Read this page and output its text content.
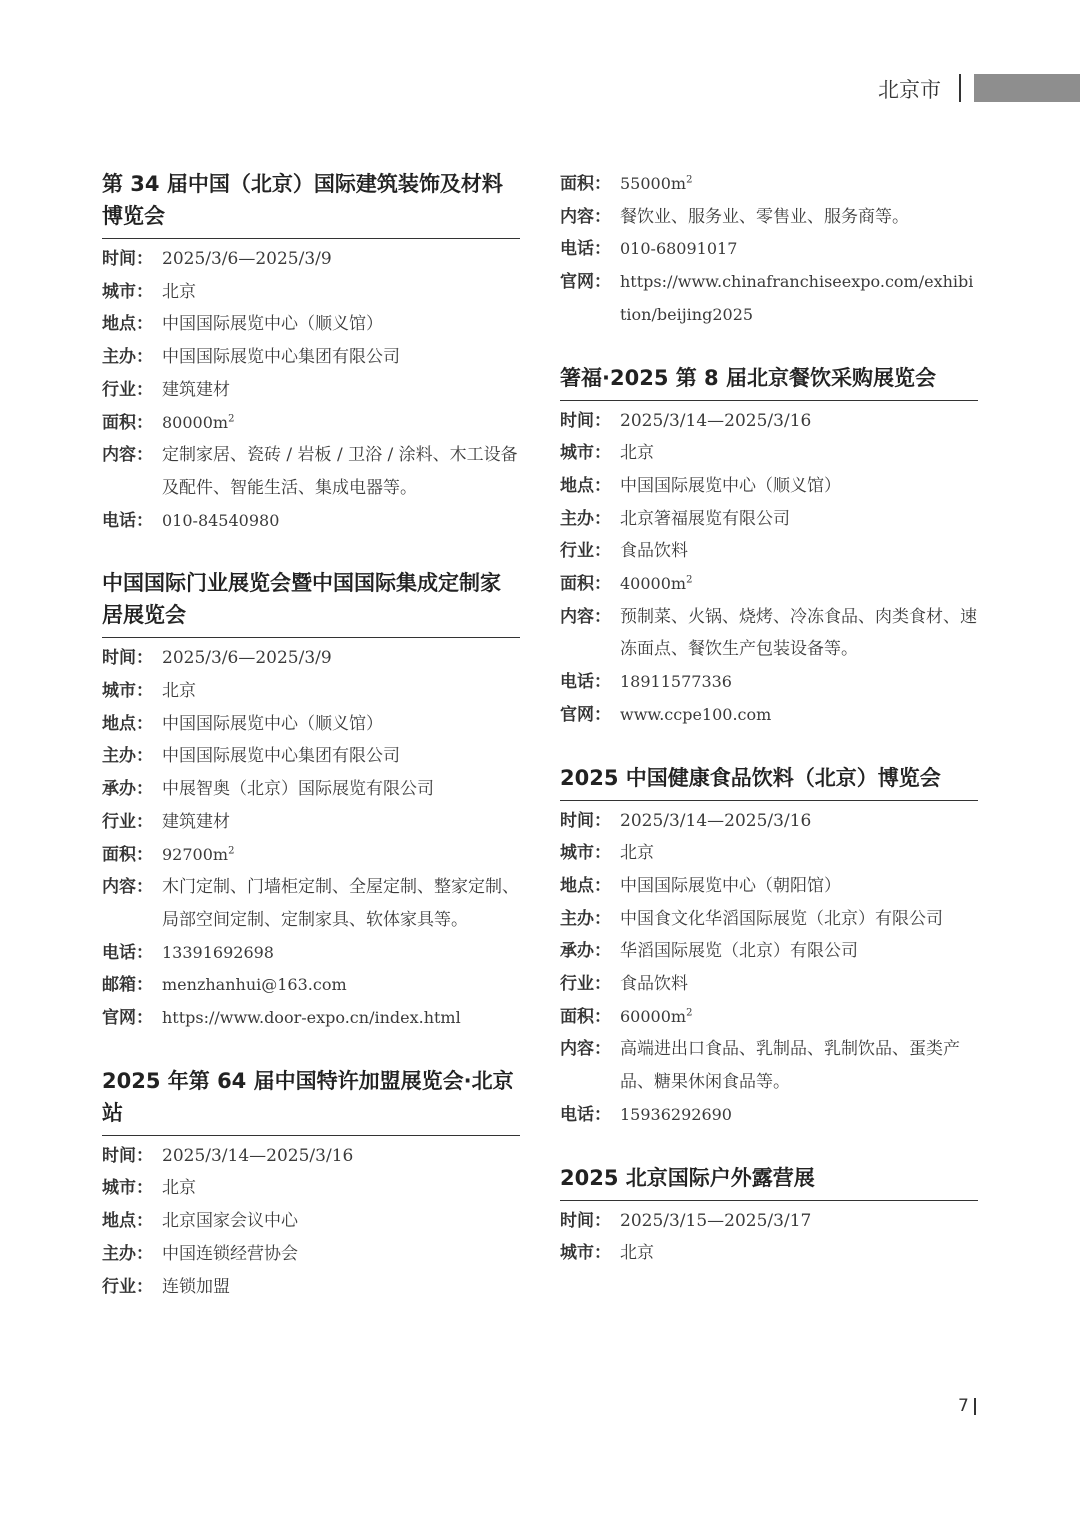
北京市
第 34 届中国（北京）国际建筑装饰及材料博览会
时间： 2025/3/6—2025/3/9
城市： 北京
地点： 中国国际展览中心（顺义馆）
主办： 中国国际展览中心集团有限公司
行业： 建筑建材
面积： $80000m^2$
内容： 定制家居、瓷砖 / 岩板 / 卫浴 / 涂料、木工设备及配件、智能生活、集成电器等。
电话： 010-84540980
中国国际门业展览会暨中国国际集成定制家居展览会
时间： 2025/3/6—2025/3/9
城市： 北京
地点： 中国国际展览中心（顺义馆）
主办： 中国国际展览中心集团有限公司
承办： 中展智奥（北京）国际展览有限公司
行业： 建筑建材
面积： $92700m^2$
内容： 木门定制、门墙柜定制、全屋定制、整家定制、局部空间定制、定制家具、软体家具等。
电话： 13391692698
邮箱： menzhanhui@163.com
官网： https://www.door-expo.cn/index.html
2025 年第 64 届中国特许加盟展览会·北京站
时间： 2025/3/14—2025/3/16
城市： 北京
地点： 北京国家会议中心
主办： 中国连锁经营协会
行业： 连锁加盟
面积： $55000m^2$
内容： 餐饮业、服务业、零售业、服务商等。
电话： 010-68091017
官网： https://www.chinafranchiseexpo.com/exhibition/beijing2025
箸福·2025 第 8 届北京餐饮采购展览会
时间： 2025/3/14—2025/3/16
城市： 北京
地点： 中国国际展览中心（顺义馆）
主办： 北京箸福展览有限公司
行业： 食品饮料
面积： $40000m^2$
内容： 预制菜、火锅、烧烤、冷冻食品、肉类食材、速冻面点、餐饮生产包装设备等。
电话： 18911577336
官网： www.ccpe100.com
2025 中国健康食品饮料（北京）博览会
时间： 2025/3/14—2025/3/16
城市： 北京
地点： 中国国际展览中心（朝阳馆）
主办： 中国食文化华滔国际展览（北京）有限公司
承办： 华滔国际展览（北京）有限公司
行业： 食品饮料
面积： $60000m^2$
内容： 高端进出口食品、乳制品、乳制饮品、蛋类产品、糖果休闲食品等。
电话： 15936292690
2025 北京国际户外露营展
时间： 2025/3/15—2025/3/17
城市： 北京
7
